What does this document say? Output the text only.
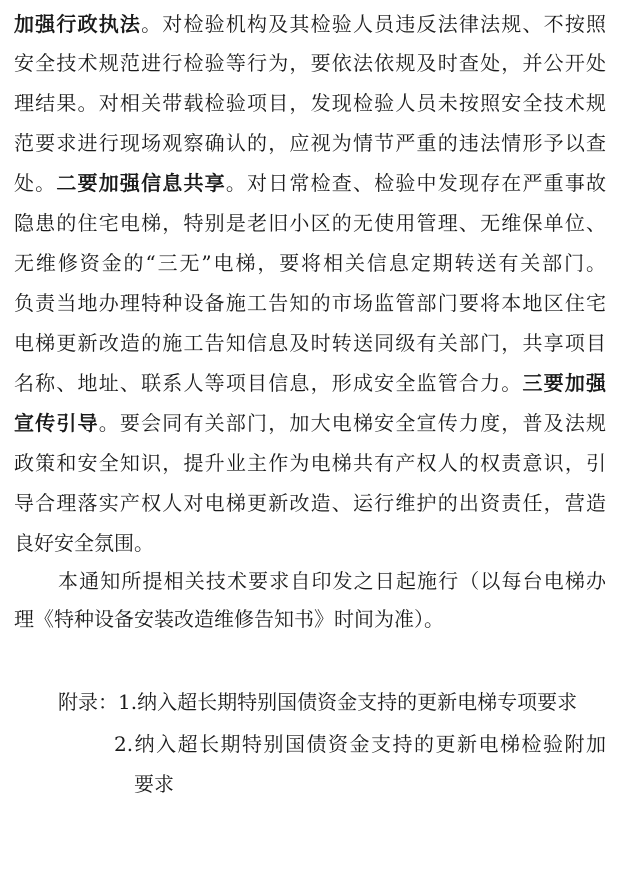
加强行政执法。对检验机构及其检验人员违反法律法规、不按照
安全技术规范进行检验等行为，要依法依规及时查处，并公开处
理结果。对相关带载检验项目，发现检验人员未按照安全技术规
范要求进行现场观察确认的，应视为情节严重的违法情形予以查
处。二要加强信息共享。对日常检查、检验中发现存在严重事故
隐患的住宅电梯，特别是老旧小区的无使用管理、无维保单位、
无维修资金的“三无”电梯，要将相关信息定期转送有关部门。
负责当地办理特种设备施工告知的市场监管部门要将本地区住宅
电梯更新改造的施工告知信息及时转送同级有关部门，共享项目
名称、地址、联系人等项目信息，形成安全监管合力。三要加强
宣传引导。要会同有关部门，加大电梯安全宣传力度，普及法规
政策和安全知识，提升业主作为电梯共有产权人的权责意识，引
导合理落实产权人对电梯更新改造、运行维护的出资责任，营造
良好安全氛围。
本通知所提相关技术要求自印发之日起施行（以每台电梯办
理《特种设备安装改造维修告知书》时间为准）。
附录：1.纳入超长期特别国债资金支持的更新电梯专项要求
2.纳入超长期特别国债资金支持的更新电梯检验附加
要求
